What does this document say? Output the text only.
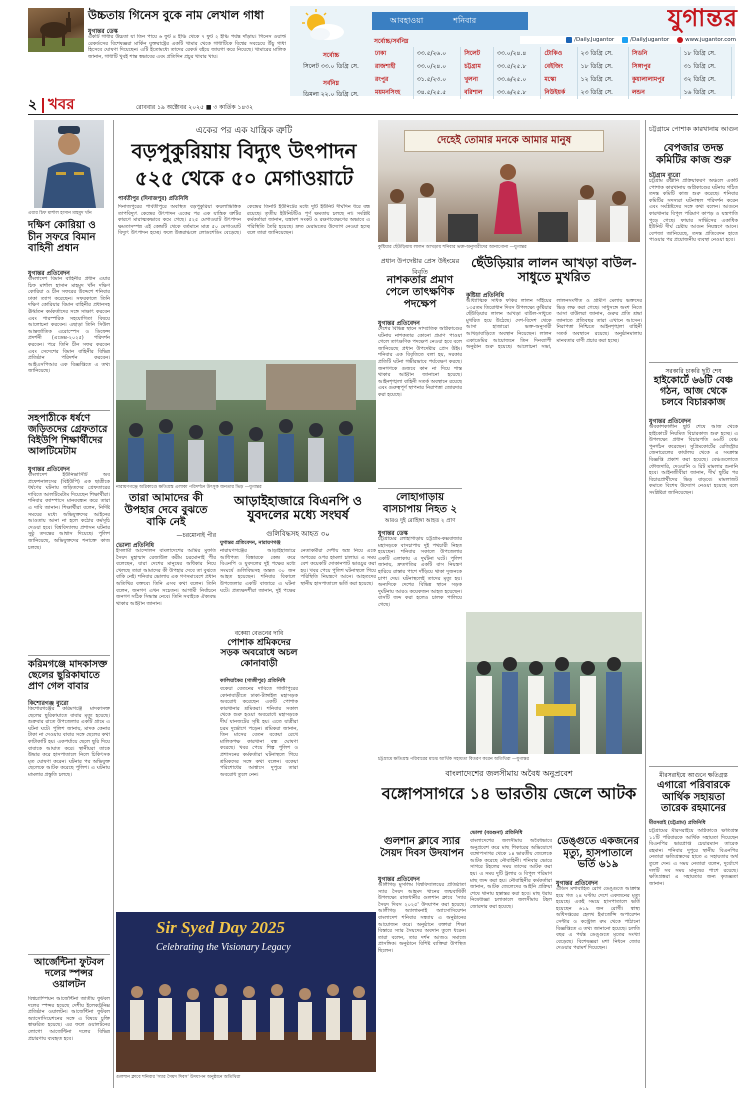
উচ্চতায় গিনেস বুকে নাম লেখাল গাধা
যুগান্তর ডেস্ক
একটি গাধার উচ্চতা যা তিন পায়ে ৬ ফুট ৪ ইঞ্চি থেকে ৭ ফুট ২ ইঞ্চি পর্যন্ত দাঁড়ায়। গিনেস ওয়ার্ল্ড রেকর্ডসের বিশেষজ্ঞরা মার্কিন যুক্তরাষ্ট্রের একটি খামার থেকে গাধাটিকে বিশ্বের সবচেয়ে উঁচু গাধা হিসেবে ঘোষণা দিয়েছেন। এটি ইতোমধ্যে তাদের রেকর্ড বইয়ে জায়গা করে নিয়েছে। খামারের মালিক জানান, গাধাটি খুবই শান্ত স্বভাবের এবং প্রতিদিন প্রচুর খাবার খায়।
আবহাওয়া	শনিবার
সর্বোচ্চ
সিলেট ৩৩.০ ডিগ্রি সে.
সর্বনিম্ন
ডিমলা ২২.০ ডিগ্রি সে.
সর্বোচ্চ/সর্বনিম্ন
ঢাকা	৩৩.৫/২৬.০	সিলেট	৩৩.০/২৪.৪	টোকিও	২৩ ডিগ্রি সে.	সিডনি	১৮ ডিগ্রি সে.
রাজশাহী	৩৩.০/২৪.০	চট্টগ্রাম	৩৩.৫/২৫.৮	বেইজিং	১৮ ডিগ্রি সে.	সিঙ্গাপুর	৩১ ডিগ্রি সে.
রংপুর	৩১.৫/২৩.০	খুলনা	৩৩.৬/২৫.০	মস্কো	১২ ডিগ্রি সে.	কুয়ালালামপুর	৩২ ডিগ্রি সে.
ময়মনসিংহ	৩৪.৫/২৫.৫	বরিশাল	৩৩.৬/২৫.৮	নিউইয়র্ক	২৩ ডিগ্রি সে.	লন্ডন	১৬ ডিগ্রি সে.
যুগান্তর
/Daily.Jugantor	/DailyJugantor	www.jugantor.com
২ খবর	রোববার ১৯ অক্টোবর ২০২৫ ■ ৩ কার্তিক ১৪৩২
এয়ার চিফ মার্শাল হাসান মাহমুদ খাঁন
দক্ষিণ কোরিয়া ও চীন সফরে বিমান বাহিনী প্রধান
যুগান্তর প্রতিবেদন
বাংলাদেশ বিমান বাহিনীর প্রধান এয়ার চিফ মার্শাল হাসান মাহমুদ খাঁন দক্ষিণ কোরিয়া ও চীন সফরের উদ্দেশে শনিবার ঢাকা ত্যাগ করেছেন। সফরকালে তিনি দক্ষিণ কোরিয়ার বিমান বাহিনীর প্রধানসহ ঊর্ধ্বতন কর্মকর্তাদের সঙ্গে সাক্ষাৎ করবেন এবং পারস্পরিক সহযোগিতা বিষয়ে আলোচনা করবেন। এছাড়া তিনি সিউল আন্তর্জাতিক এরোস্পেস ও ডিফেন্স প্রদর্শনী (এডেক্স-২০২৫) পরিদর্শন করবেন। পরে তিনি চীন সফর করবেন এবং সেদেশের বিমান বাহিনীর বিভিন্ন প্রতিষ্ঠান পরিদর্শন করবেন। আইএসপিআর এক বিজ্ঞপ্তিতে এ তথ্য জানিয়েছে।
সহপাঠীকে ধর্ষণে জড়িতদের গ্রেফতারে বিইউপি শিক্ষার্থীদের আলটিমেটাম
যুগান্তর প্রতিবেদন
বাংলাদেশ ইউনিভার্সিটি অব প্রফেশনালসের (বিইউপি) এক ছাত্রীকে ধর্ষণের ঘটনায় জড়িতদের গ্রেফতারের দাবিতে আলটিমেটাম দিয়েছেন শিক্ষার্থীরা। শনিবার ক্যাম্পাসে মানববন্ধন করে তারা এ দাবি জানান। শিক্ষার্থীরা বলেন, নির্দিষ্ট সময়ের মধ্যে অভিযুক্তদের আইনের আওতায় আনা না হলে কঠোর কর্মসূচি দেওয়া হবে। বিশ্ববিদ্যালয় প্রশাসন ঘটনার সুষ্ঠু তদন্তের আশ্বাস দিয়েছে। পুলিশ জানিয়েছে, অভিযুক্তদের শনাক্তে কাজ চলছে।
করিমগঞ্জে মাদকাসক্ত ছেলের ছুরিকাঘাতে প্রাণ গেল বাবার
কিশোরগঞ্জ ব্যুরো
কিশোরগঞ্জের করিমগঞ্জে মাদকাসক্ত ছেলের ছুরিকাঘাতে বাবার মৃত্যু হয়েছে। শুক্রবার রাতে উপজেলার একটি গ্রামে এ ঘটনা ঘটে। পুলিশ জানায়, মাদক কেনার টাকা না দেওয়ায় বাবার সঙ্গে ছেলের কথা কাটাকাটি হয়। একপর্যায়ে ছেলে ছুরি দিয়ে বাবাকে আঘাত করে। স্থানীয়রা তাকে উদ্ধার করে হাসপাতালে নিলে চিকিৎসক মৃত ঘোষণা করেন। ঘটনার পর অভিযুক্ত ছেলেকে আটক করেছে পুলিশ। এ ঘটনায় মামলার প্রস্তুতি চলছে।
আর্জেন্টিনা ফুটবল দলের স্পন্সর ওয়ালটন
বিশ্বচ্যাম্পিয়ন আর্জেন্টিনা জাতীয় ফুটবল দলের স্পন্সর হয়েছে দেশীয় ইলেকট্রনিক্স প্রতিষ্ঠান ওয়ালটন। আর্জেন্টিনা ফুটবল অ্যাসোসিয়েশনের সঙ্গে এ বিষয়ে চুক্তি স্বাক্ষরিত হয়েছে। এর ফলে ওয়ালটনের লোগো আর্জেন্টিনা দলের বিভিন্ন প্রচারণায় ব্যবহৃত হবে।
একের পর এক যান্ত্রিক ত্রুটি
বড়পুকুরিয়ায় বিদ্যুৎ উৎপাদন ৫২৫ থেকে ৫০ মেগাওয়াটে
পার্বতীপুর (দিনাজপুর) প্রতিনিধি
দিনাজপুরের পার্বতীপুরে অবস্থিত বড়পুকুরিয়া কয়লাভিত্তিক তাপবিদ্যুৎ কেন্দ্রের উৎপাদন একের পর এক যান্ত্রিক ত্রুটির কারণে মারাত্মকভাবে কমে গেছে। ৫২৫ মেগাওয়াট উৎপাদন ক্ষমতাসম্পন্ন এই কেন্দ্রটি থেকে বর্তমানে মাত্র ৫০ মেগাওয়াট বিদ্যুৎ উৎপাদন হচ্ছে। ফলে উত্তরাঞ্চলে লোডশেডিং বেড়েছে। কেন্দ্রের তিনটি ইউনিটের মধ্যে দুটি ইউনিট দীর্ঘদিন ধরে বন্ধ রয়েছে। তৃতীয় ইউনিটটিও পূর্ণ ক্ষমতায় চলছে না। সংশ্লিষ্ট কর্মকর্তারা জানান, যন্ত্রাংশ সংকট ও রক্ষণাবেক্ষণের অভাবে এ পরিস্থিতি তৈরি হয়েছে। দ্রুত মেরামতের উদ্যোগ নেওয়া হচ্ছে বলে তারা জানিয়েছেন।
নারায়ণগঞ্জে অগ্নিকাণ্ডে ক্ষতিগ্রস্ত এলাকা পরিদর্শনে উৎসুক জনতার ভিড় —যুগান্তর
তারা আমাদের কী উপহার দেবে বুঝতে বাকি নেই
—চরমোনাই পীর
ভোলা প্রতিনিধি
ইসলামী আন্দোলন বাংলাদেশের আমির মুফতি সৈয়দ মুহাম্মাদ রেজাউল করীম চরমোনাই পীর বলেছেন, যারা দেশের মানুষের অধিকার নিয়ে খেলছে তারা আমাদের কী উপহার দেবে তা বুঝতে বাকি নেই। শনিবার ভোলায় এক গণসমাবেশে প্রধান অতিথির বক্তব্যে তিনি এসব কথা বলেন। তিনি বলেন, জনগণ এখন সচেতন। আগামী নির্বাচনে জনগণ সঠিক সিদ্ধান্ত নেবে। তিনি সবাইকে ঐক্যবদ্ধ থাকার আহ্বান জানান।
আড়াইহাজারে বিএনপি ও যুবদলের মধ্যে সংঘর্ষ
গুলিবিদ্ধসহ আহত ৩০
যুগান্তর প্রতিবেদন, নারায়ণগঞ্জ
নারায়ণগঞ্জের আড়াইহাজারে আধিপত্য বিস্তারকে কেন্দ্র করে বিএনপি ও যুবদলের দুই পক্ষের মধ্যে সংঘর্ষে গুলিবিদ্ধসহ অন্তত ৩০ জন আহত হয়েছেন। শনিবার বিকালে উপজেলার একটি বাজারে এ ঘটনা ঘটে। প্রত্যক্ষদর্শীরা জানান, দুই পক্ষের নেতাকর্মীরা দেশীয় অস্ত্র নিয়ে একে অপরের ওপর হামলা চালায়। এ সময় বেশ কয়েকটি দোকানপাট ভাঙচুর করা হয়। খবর পেয়ে পুলিশ ঘটনাস্থলে গিয়ে পরিস্থিতি নিয়ন্ত্রণে আনে। আহতদের স্থানীয় হাসপাতালে ভর্তি করা হয়েছে।
বকেয়া বেতনের দাবি
পোশাক শ্রমিকদের সড়ক অবরোধে অচল কোনাবাড়ী
কালিয়াকৈর (গাজীপুর) প্রতিনিধি
বকেয়া বেতনের দাবিতে গাজীপুরের কোনাবাড়ীতে ঢাকা-টাঙ্গাইল মহাসড়ক অবরোধ করেছেন একটি পোশাক কারখানার শ্রমিকরা। শনিবার সকাল থেকে শুরু হওয়া অবরোধে মহাসড়কে দীর্ঘ যানজটের সৃষ্টি হয়। এতে যাত্রীরা চরম দুর্ভোগে পড়েন। শ্রমিকরা জানান, তিন মাসের বেতন বকেয়া রেখে মালিকপক্ষ কারখানা বন্ধ ঘোষণা করেছে। খবর পেয়ে শিল্প পুলিশ ও প্রশাসনের কর্মকর্তারা ঘটনাস্থলে গিয়ে শ্রমিকদের সঙ্গে কথা বলেন। বকেয়া পরিশোধের আশ্বাসে দুপুরে তারা অবরোধ তুলে নেন।

Sir Syed Day 2025
Celebrating the Visionary Legacy
গুলশান ক্লাবে শনিবার 'স্যার সৈয়দ দিবস' উদযাপন অনুষ্ঠানে অতিথিরা
দেহেই তোমার মনকে আমার মানুষ
কুষ্টিয়ার ছেঁউড়িয়ায় লালন আখড়ায় শনিবার ভক্ত-অনুসারীদের আনাগোনা —যুগান্তর
প্রধান উপদেষ্টার প্রেস উইংয়ের বিবৃতি
নাশকতার প্রমাণ পেলে তাৎক্ষণিক পদক্ষেপ
যুগান্তর প্রতিবেদন
দেশের বিভিন্ন স্থানে সাম্প্রতিক অগ্নিকাণ্ডের ঘটনায় নাশকতার কোনো প্রমাণ পাওয়া গেলে তাৎক্ষণিক পদক্ষেপ নেওয়া হবে বলে জানিয়েছে প্রধান উপদেষ্টার প্রেস উইং। শনিবার এক বিবৃতিতে বলা হয়, সরকার প্রতিটি ঘটনা গভীরভাবে পর্যবেক্ষণ করছে। জনগণকে গুজবে কান না দিয়ে শান্ত থাকার আহ্বান জানানো হয়েছে। আইনশৃঙ্খলা বাহিনী সতর্ক অবস্থানে রয়েছে এবং গুরুত্বপূর্ণ স্থাপনার নিরাপত্তা জোরদার করা হয়েছে।
ছেঁউড়িয়ার লালন আখড়া বাউল-সাধুতে মুখরিত
কুষ্টিয়া প্রতিনিধি
আধ্যাত্মিক সাধক ফকির লালন সাঁইয়ের ১৩৫তম তিরোধান দিবস উপলক্ষ্যে কুষ্টিয়ার ছেঁউড়িয়ার লালন আখড়া বাউল-সাধুতে মুখরিত হয়ে উঠেছে। দেশ-বিদেশ থেকে আসা হাজারো ভক্ত-অনুসারী আখড়াবাড়িতে অবস্থান নিয়েছেন। লালন একাডেমির আয়োজনে তিন দিনব্যাপী অনুষ্ঠান শুরু হয়েছে। আলোচনা সভা, লালনসংগীত ও গ্রামীণ মেলায় ভক্তদের ভিড় লক্ষ করা গেছে। সাধুসঙ্গে অংশ নিতে আসা বাউলরা জানান, গুরুর প্রতি শ্রদ্ধা জানাতে প্রতিবছর তারা এখানে আসেন। নিরাপত্তা নিশ্চিতে আইনশৃঙ্খলা বাহিনী সতর্ক অবস্থানে রয়েছে। অনুষ্ঠানমালায় মানবতার বাণী প্রচার করা হচ্ছে।
লোহাগাড়ায় বাসচাপায় নিহত ২
আরও দুই রোহিঙ্গা আহত ২ প্রাণ
যুগান্তর ডেস্ক
চট্টগ্রামের লোহাগাড়ায় চট্টগ্রাম-কক্সবাজার মহাসড়কে বাসচাপায় দুই পথচারী নিহত হয়েছেন। শনিবার সকালে উপজেলার একটি এলাকায় এ দুর্ঘটনা ঘটে। পুলিশ জানায়, দ্রুতগতির একটি বাস নিয়ন্ত্রণ হারিয়ে রাস্তার পাশে দাঁড়িয়ে থাকা দুজনকে চাপা দেয়। ঘটনাস্থলেই তাদের মৃত্যু হয়। অন্যদিকে দেশের বিভিন্ন স্থানে সড়ক দুর্ঘটনায় আরও কয়েকজন আহত হয়েছেন। বাসটি জব্দ করা হলেও চালক পালিয়ে গেছে।
চট্টগ্রামে ক্ষতিগ্রস্ত পরিবারের মাঝে আর্থিক সহায়তা বিতরণ করেন অতিথিরা —যুগান্তর
বাংলাদেশের জলসীমায় অবৈধ অনুপ্রবেশ
বঙ্গোপসাগরে ১৪ ভারতীয় জেলে আটক
গুলশান ক্লাবে স্যার সৈয়দ দিবস উদযাপন
যুগান্তর প্রতিবেদন
আলীগড় মুসলিম বিশ্ববিদ্যালয়ের প্রতিষ্ঠাতা স্যার সৈয়দ আহমদ খানের জন্মবার্ষিকী উপলক্ষ্যে রাজধানীর গুলশান ক্লাবে 'স্যার সৈয়দ দিবস ২০২৫' উদযাপন করা হয়েছে। আলীগড় অ্যালামনাই অ্যাসোসিয়েশন বাংলাদেশ শনিবার সন্ধ্যায় এ অনুষ্ঠানের আয়োজন করে। অনুষ্ঠানে বক্তারা শিক্ষা বিস্তারে স্যার সৈয়দের অবদান তুলে ধরেন। তারা বলেন, তার দর্শন আজও সমাজে প্রাসঙ্গিক। অনুষ্ঠানে বিশিষ্ট ব্যক্তিরা উপস্থিত ছিলেন।
ভোলা (বরগুনা) প্রতিনিধি
বাংলাদেশের জলসীমায় অবৈধভাবে অনুপ্রবেশ করে মাছ শিকারের অভিযোগে বঙ্গোপসাগর থেকে ১৪ ভারতীয় জেলেকে আটক করেছে নৌবাহিনী। শনিবার ভোরে সাগরে টহলের সময় তাদের আটক করা হয়। এ সময় দুটি ট্রলার ও বিপুল পরিমাণ মাছ জব্দ করা হয়। নৌবাহিনীর কর্মকর্তারা জানান, আটক জেলেদের আইনি প্রক্রিয়া শেষে থানায় হস্তান্তর করা হবে। মাছ ধরায় নিষেধাজ্ঞা চলাকালে জলসীমায় টহল জোরদার করা হয়েছে।
ডেঙ্গুতে একজনের মৃত্যু, হাসপাতালে ভর্তি ৬১৯
যুগান্তর প্রতিবেদন
এডিস মশাবাহিত রোগ ডেঙ্গুতে আক্রান্ত হয়ে গত ২৪ ঘণ্টায় দেশে একজনের মৃত্যু হয়েছে। একই সময়ে হাসপাতালে ভর্তি হয়েছেন ৬১৯ জন রোগী। স্বাস্থ্য অধিদপ্তরের হেলথ ইমার্জেন্সি অপারেশন সেন্টার ও কন্ট্রোল রুম থেকে পাঠানো বিজ্ঞপ্তিতে এ তথ্য জানানো হয়েছে। চলতি বছর এ পর্যন্ত ডেঙ্গুতে মৃতের সংখ্যা বেড়েছে। বিশেষজ্ঞরা মশা নিধনে জোর দেওয়ার পরামর্শ দিয়েছেন।
চট্টগ্রামে পোশাক কারখানায় আগুন
বেপজার তদন্ত কমিটির কাজ শুরু
চট্টগ্রাম ব্যুরো
চট্টগ্রাম রপ্তানি প্রক্রিয়াকরণ অঞ্চলে একটি পোশাক কারখানায় অগ্নিকাণ্ডের ঘটনায় গঠিত তদন্ত কমিটি কাজ শুরু করেছে। শনিবার কমিটির সদস্যরা ঘটনাস্থল পরিদর্শন করেন এবং সংশ্লিষ্টদের সঙ্গে কথা বলেন। আগুনে কারখানার বিপুল পরিমাণ কাপড় ও যন্ত্রপাতি পুড়ে গেছে। ফায়ার সার্ভিসের একাধিক ইউনিট দীর্ঘ চেষ্টায় আগুন নিয়ন্ত্রণে আনে। বেপজা জানিয়েছে, তদন্ত প্রতিবেদন হাতে পাওয়ার পর প্রয়োজনীয় ব্যবস্থা নেওয়া হবে।
সরকারি চাকরি ছুটি শেষ
হাইকোর্টে ৬৬টি বেঞ্চ গঠন, আজ থেকে চলবে বিচারকাজ
যুগান্তর প্রতিবেদন
অবকাশকালীন ছুটি শেষে আজ থেকে হাইকোর্টে নিয়মিত বিচারকাজ শুরু হচ্ছে। এ উপলক্ষ্যে প্রধান বিচারপতি ৬৬টি বেঞ্চ পুনর্গঠন করেছেন। সুপ্রিমকোর্টের রেজিস্ট্রার জেনারেলের কার্যালয় থেকে এ সংক্রান্ত বিজ্ঞপ্তি প্রকাশ করা হয়েছে। বেঞ্চগুলোতে ফৌজদারি, দেওয়ানি ও রিট মামলার শুনানি হবে। আইনজীবীরা জানান, দীর্ঘ ছুটির পর বিচারপ্রার্থীদের ভিড় বাড়বে। মামলাজট কমাতে বিশেষ উদ্যোগ নেওয়া হয়েছে বলে সংশ্লিষ্টরা জানিয়েছেন।
মীরসরাইয়ে আগুনে ক্ষতিগ্রস্ত
এগারো পরিবারকে আর্থিক সহায়তা তারেক রহমানের
মীরসরাই (চট্টগ্রাম) প্রতিনিধি
চট্টগ্রামের মীরসরাইয়ে অগ্নিকাণ্ডে ক্ষতিগ্রস্ত ১১টি পরিবারকে আর্থিক সহায়তা দিয়েছেন বিএনপির ভারপ্রাপ্ত চেয়ারম্যান তারেক রহমান। শনিবার দুপুরে স্থানীয় বিএনপির নেতারা ক্ষতিগ্রস্তদের হাতে এ সহায়তার অর্থ তুলে দেন। এ সময় নেতারা বলেন, দুর্যোগে দলটি সব সময় মানুষের পাশে রয়েছে। ক্ষতিগ্রস্তরা এ সহায়তার জন্য কৃতজ্ঞতা জানান।
